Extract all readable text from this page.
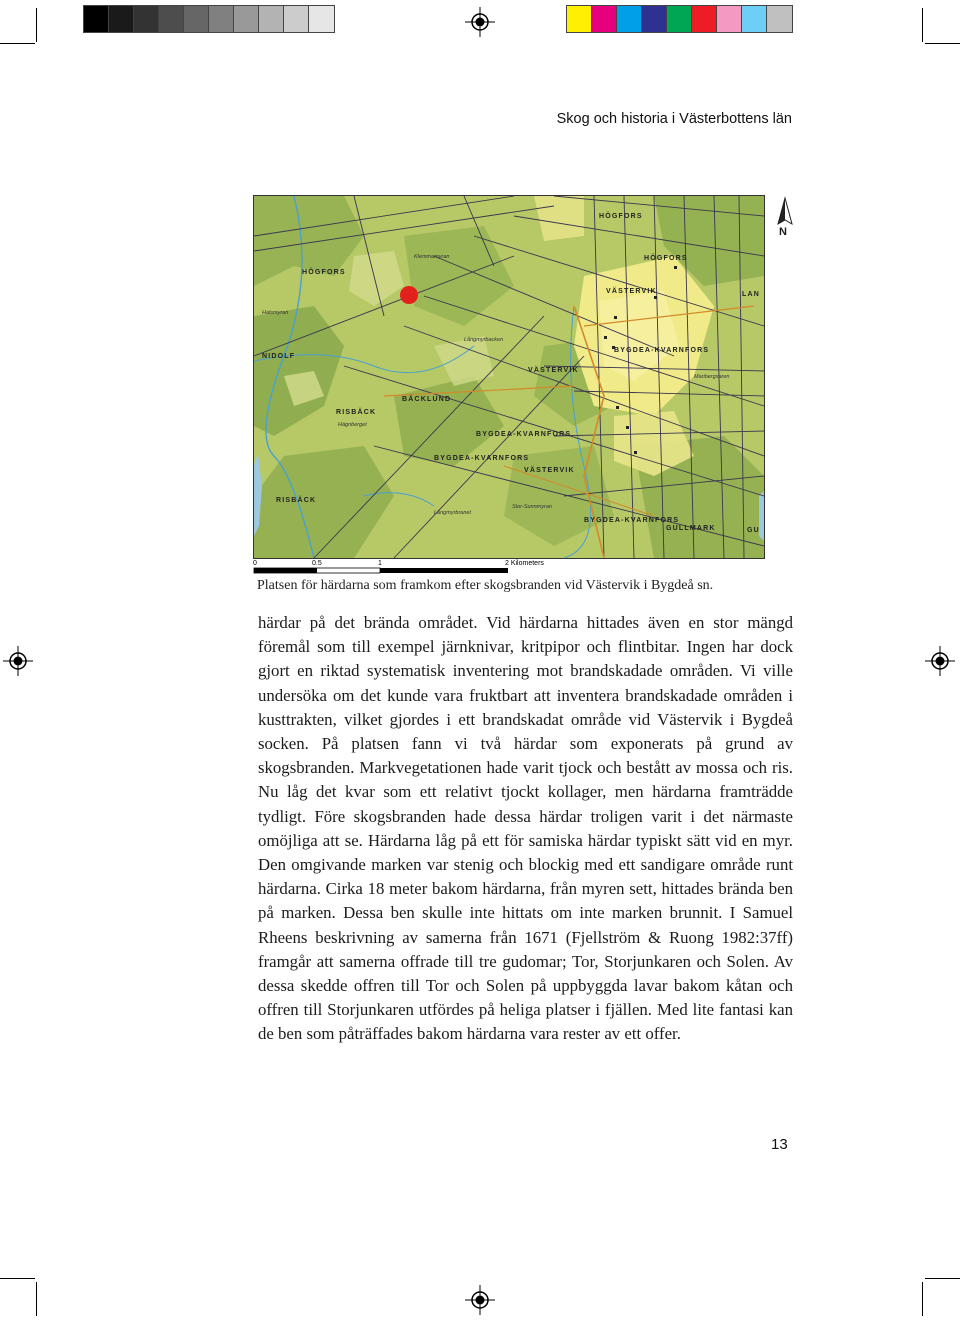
Skog och historia i Västerbottens län
HÖGFORS
HÖGFORS
HÖGFORS
VÄSTERVIK
VÄSTERVIK
VÄSTERVIK
BÄCKLUND
RISBÄCK
RISBÄCK
BYGDEA-KVARNFORS
BYGDEA-KVARNFORS
BYGDEA-KVARNFORS
BYGDEA-KVARNFORS
GULLMARK
LAN
GU
NIDOLF
Klemmamyran
Långmyrbacken
Långmyrbranet
Hägnberget
Stor-Sunnmyran
Halsmyran
Maribergsaren
N
0	0.5	1	2 Kilometers
Platsen för härdarna som framkom efter skogsbranden vid Västervik i Bygdeå sn.
härdar på det brända området. Vid härdarna hittades även en stor mängd föremål som till exempel järnknivar, kritpipor och flintbitar. Ingen har dock gjort en riktad systematisk inventering mot brandskadade områden. Vi ville undersöka om det kunde vara fruktbart att inventera brandskadade områden i kusttrakten, vilket gjordes i ett brandskadat område vid Västervik i Bygdeå socken. På platsen fann vi två härdar som exponerats på grund av skogsbranden. Markvegetationen hade varit tjock och bestått av mossa och ris. Nu låg det kvar som ett relativt tjockt kollager, men härdarna framträdde tydligt. Före skogsbranden hade dessa härdar troligen varit i det närmaste omöjliga att se. Härdarna låg på ett för samiska härdar typiskt sätt vid en myr. Den omgivande marken var stenig och blockig med ett sandigare område runt härdarna. Cirka 18 meter bakom härdarna, från myren sett, hittades brända ben på marken. Dessa ben skulle inte hittats om inte marken brunnit. I Samuel Rheens beskrivning av samerna från 1671 (Fjellström & Ruong 1982:37ff) framgår att samerna offrade till tre gudomar; Tor, Storjunkaren och Solen. Av dessa skedde offren till Tor och Solen på uppbyggda lavar bakom kåtan och offren till Storjunkaren utfördes på heliga platser i fjällen. Med lite fantasi kan de ben som påträffades bakom härdarna vara rester av ett offer.
13
